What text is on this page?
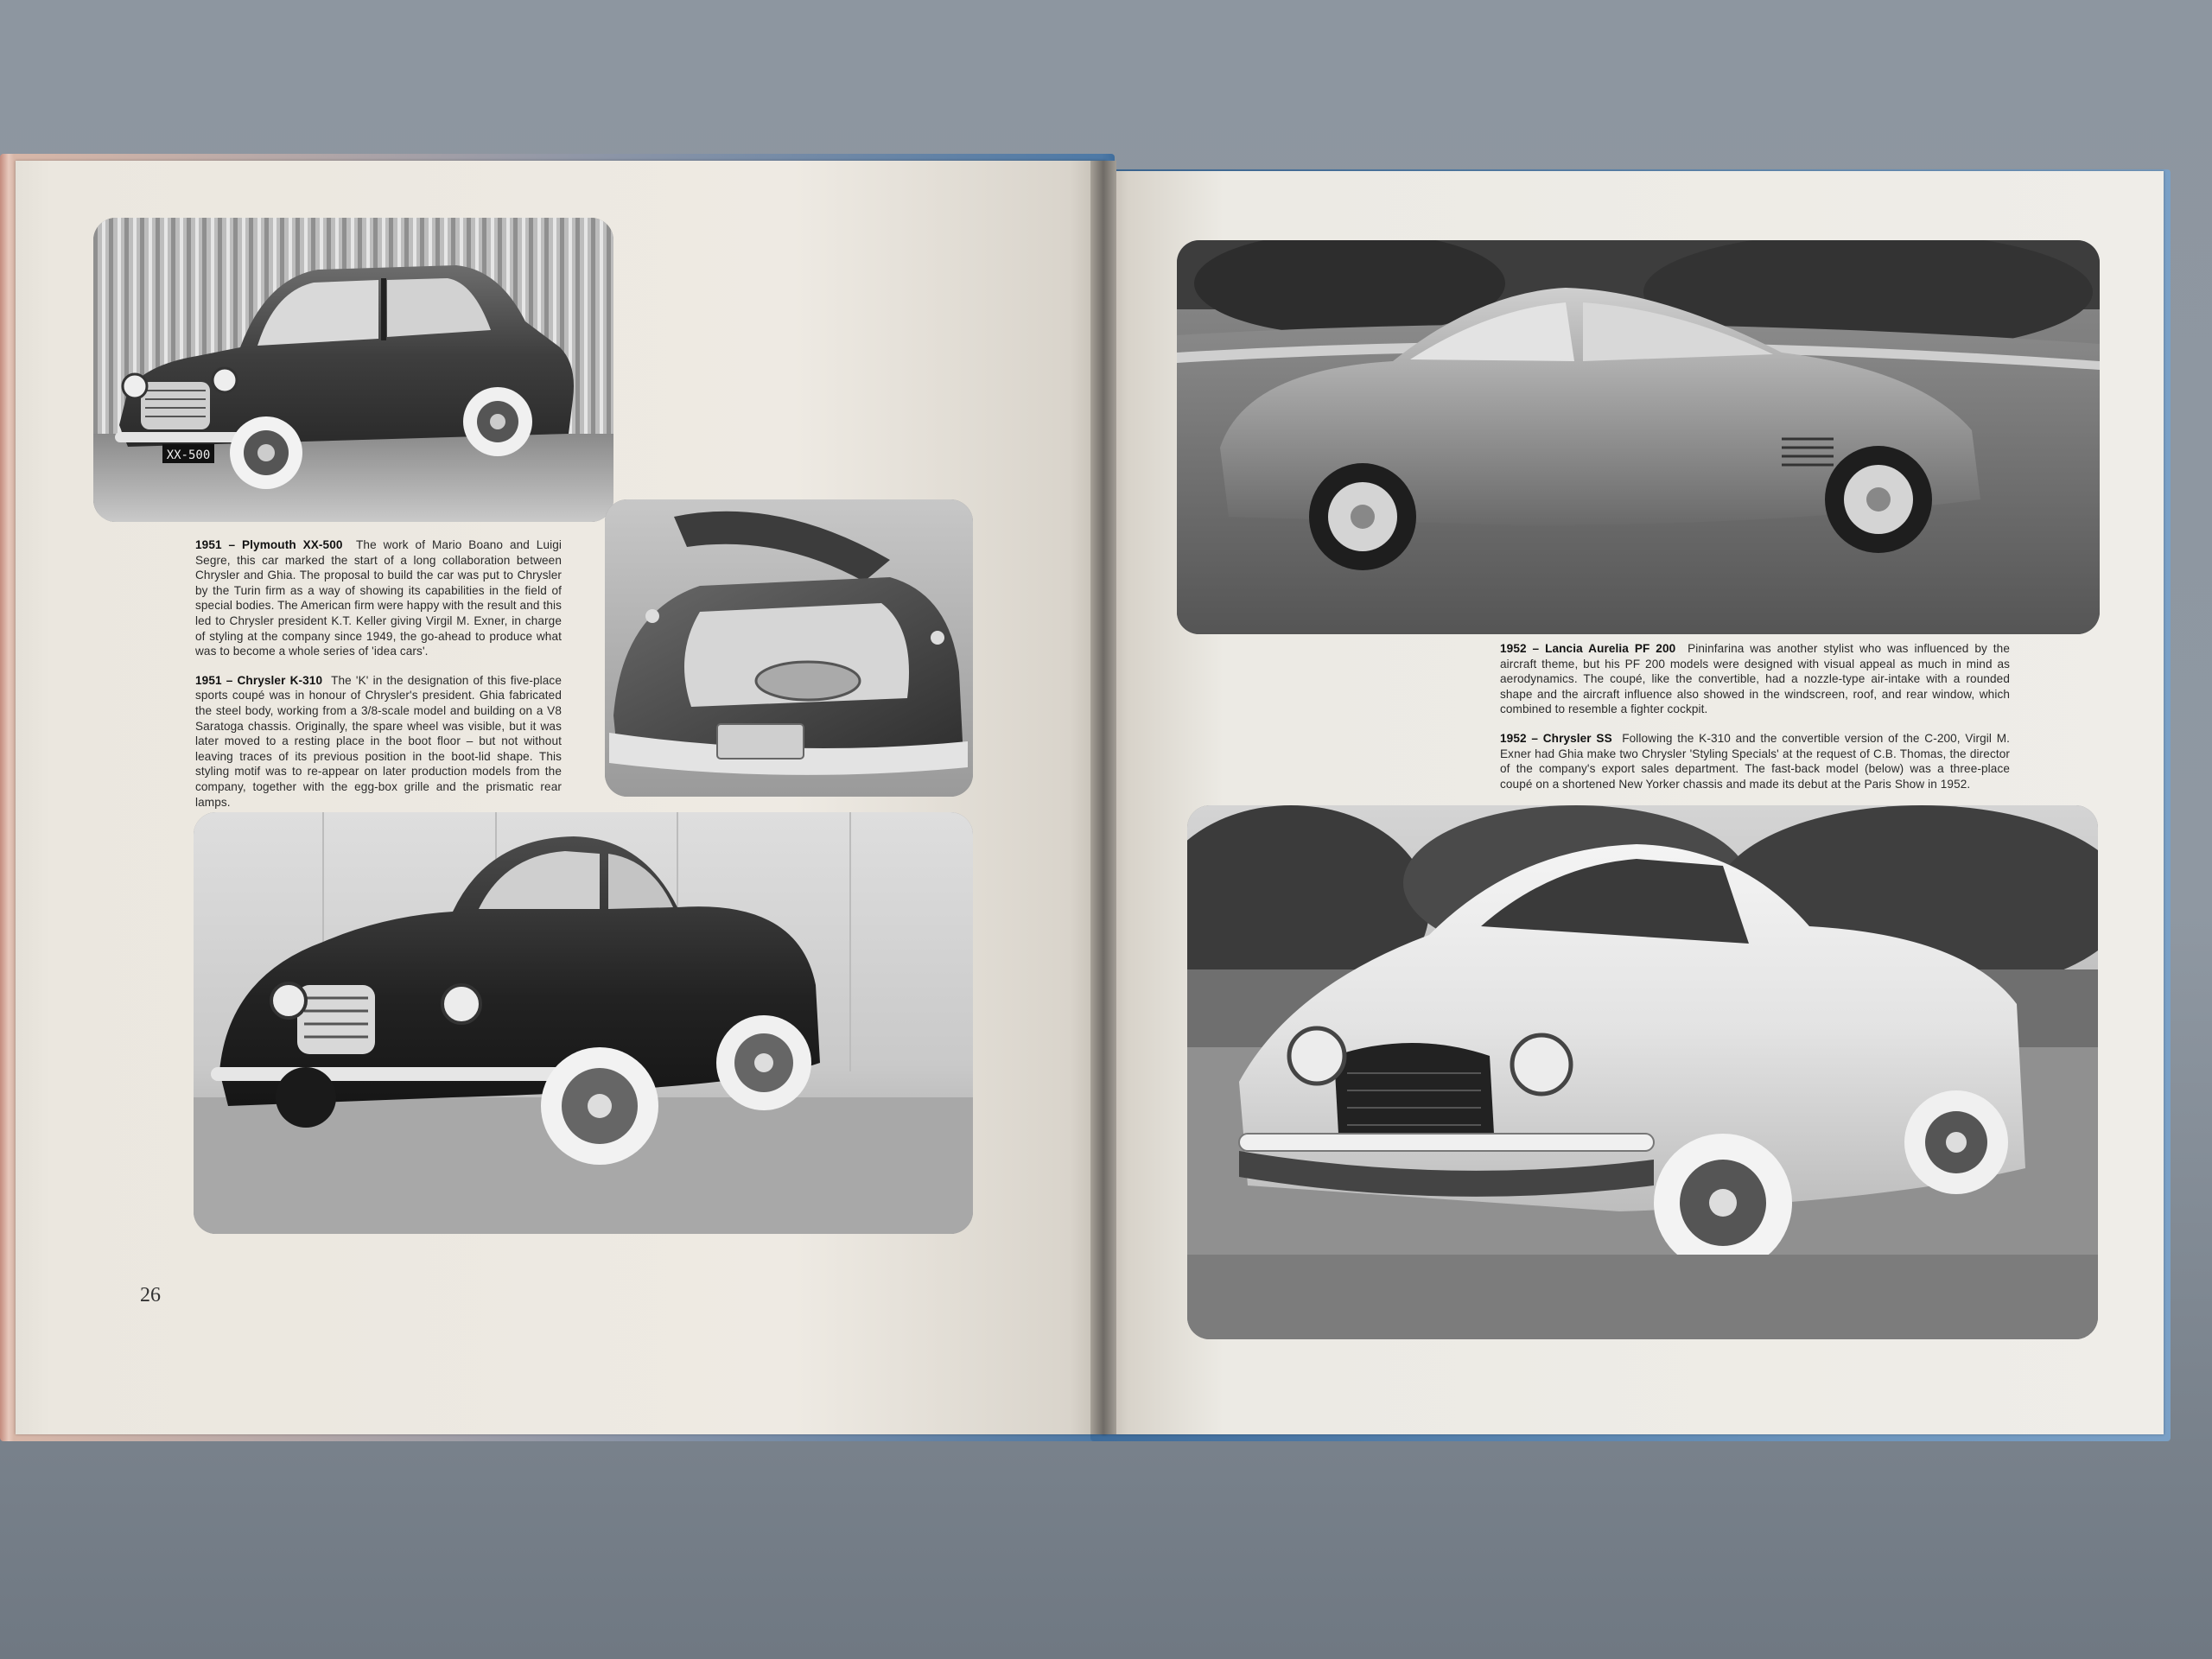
XX-500

1951 – Plymouth XX-500 The work of Mario Boano and Luigi Segre, this car marked the start of a long collaboration between Chrysler and Ghia. The proposal to build the car was put to Chrysler by the Turin firm as a way of showing its capabilities in the field of special bodies. The American firm were happy with the result and this led to Chrysler president K.T. Keller giving Virgil M. Exner, in charge of styling at the company since 1949, the go-ahead to produce what was to become a whole series of 'idea cars'.

1951 – Chrysler K-310 The 'K' in the designation of this five-place sports coupé was in honour of Chrysler's president. Ghia fabricated the steel body, working from a 3/8-scale model and building on a V8 Saratoga chassis. Originally, the spare wheel was visible, but it was later moved to a resting place in the boot floor – but not without leaving traces of its previous position in the boot-lid shape. This styling motif was to re-appear on later production models from the company, together with the egg-box grille and the prismatic rear lamps.

1952 – Lancia Aurelia PF 200 Pininfarina was another stylist who was influenced by the aircraft theme, but his PF 200 models were designed with visual appeal as much in mind as aerodynamics. The coupé, like the convertible, had a nozzle-type air-intake with a rounded shape and the aircraft influence also showed in the windscreen, roof, and rear window, which combined to resemble a fighter cockpit.

1952 – Chrysler SS Following the K-310 and the convertible version of the C-200, Virgil M. Exner had Ghia make two Chrysler 'Styling Specials' at the request of C.B. Thomas, the director of the company's export sales department. The fast-back model (below) was a three-place coupé on a shortened New Yorker chassis and made its debut at the Paris Show in 1952.

26
